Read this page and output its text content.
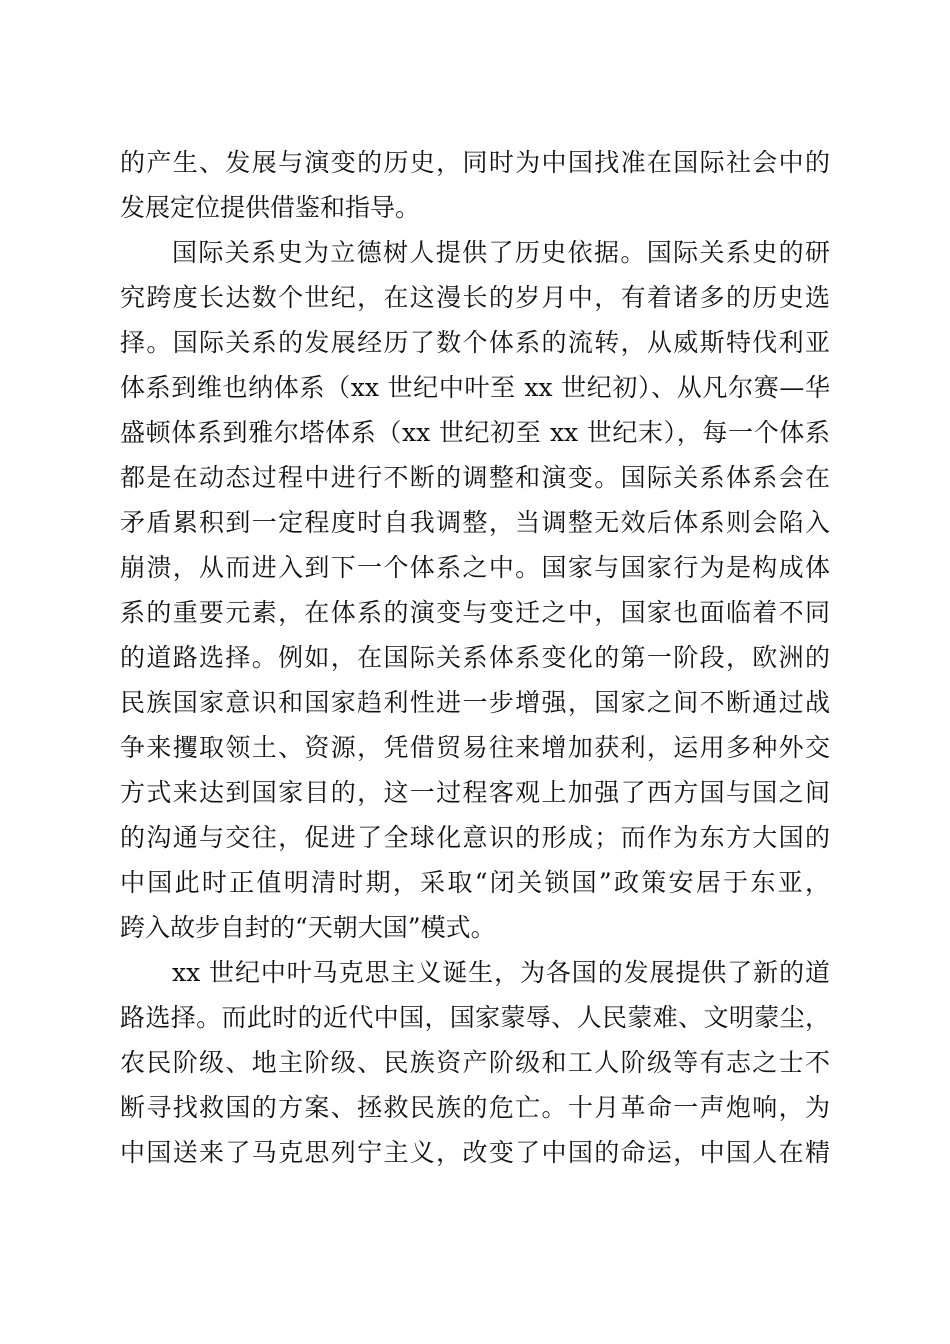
的产生、发展与演变的历史，同时为中国找准在国际社会中的
发展定位提供借鉴和指导。
国际关系史为立德树人提供了历史依据。国际关系史的研
究跨度长达数个世纪，在这漫长的岁月中，有着诸多的历史选
择。国际关系的发展经历了数个体系的流转，从威斯特伐利亚
体系到维也纳体系（xx 世纪中叶至 xx 世纪初）、从凡尔赛—华
盛顿体系到雅尔塔体系（xx 世纪初至 xx 世纪末），每一个体系
都是在动态过程中进行不断的调整和演变。国际关系体系会在
矛盾累积到一定程度时自我调整，当调整无效后体系则会陷入
崩溃，从而进入到下一个体系之中。国家与国家行为是构成体
系的重要元素，在体系的演变与变迁之中，国家也面临着不同
的道路选择。例如，在国际关系体系变化的第一阶段，欧洲的
民族国家意识和国家趋利性进一步增强，国家之间不断通过战
争来攫取领土、资源，凭借贸易往来增加获利，运用多种外交
方式来达到国家目的，这一过程客观上加强了西方国与国之间
的沟通与交往，促进了全球化意识的形成；而作为东方大国的
中国此时正值明清时期，采取“闭关锁国”政策安居于东亚，
跨入故步自封的“天朝大国”模式。
xx 世纪中叶马克思主义诞生，为各国的发展提供了新的道
路选择。而此时的近代中国，国家蒙辱、人民蒙难、文明蒙尘，
农民阶级、地主阶级、民族资产阶级和工人阶级等有志之士不
断寻找救国的方案、拯救民族的危亡。十月革命一声炮响，为
中国送来了马克思列宁主义，改变了中国的命运，中国人在精
